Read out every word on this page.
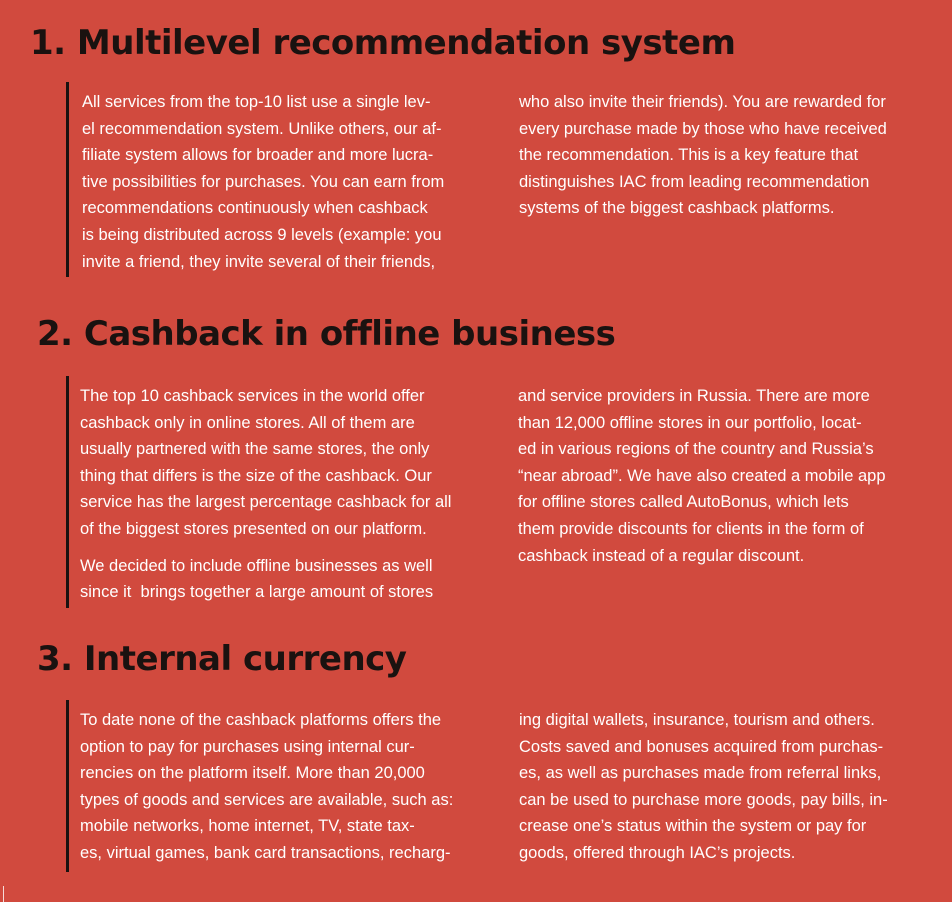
1. Multilevel recommendation system

All services from the top-10 list use a single lev-
el recommendation system. Unlike others, our af-
filiate system allows for broader and more lucra-
tive possibilities for purchases. You can earn from
recommendations continuously when cashback
is being distributed across 9 levels (example: you
invite a friend, they invite several of their friends,

who also invite their friends). You are rewarded for
every purchase made by those who have received
the recommendation. This is a key feature that
distinguishes IAC from leading recommendation
systems of the biggest cashback platforms.

2. Cashback in offline business

The top 10 cashback services in the world offer
cashback only in online stores. All of them are
usually partnered with the same stores, the only
thing that differs is the size of the cashback. Our
service has the largest percentage cashback for all
of the biggest stores presented on our platform.

We decided to include offline businesses as well
since it  brings together a large amount of stores

and service providers in Russia. There are more
than 12,000 offline stores in our portfolio, locat-
ed in various regions of the country and Russia’s
“near abroad”. We have also created a mobile app
for offline stores called AutoBonus, which lets
them provide discounts for clients in the form of
cashback instead of a regular discount.

3. Internal currency

To date none of the cashback platforms offers the
option to pay for purchases using internal cur-
rencies on the platform itself. More than 20,000
types of goods and services are available, such as:
mobile networks, home internet, TV, state tax-
es, virtual games, bank card transactions, recharg-

ing digital wallets, insurance, tourism and others.
Costs saved and bonuses acquired from purchas-
es, as well as purchases made from referral links,
can be used to purchase more goods, pay bills, in-
crease one’s status within the system or pay for
goods, offered through IAC’s projects.
